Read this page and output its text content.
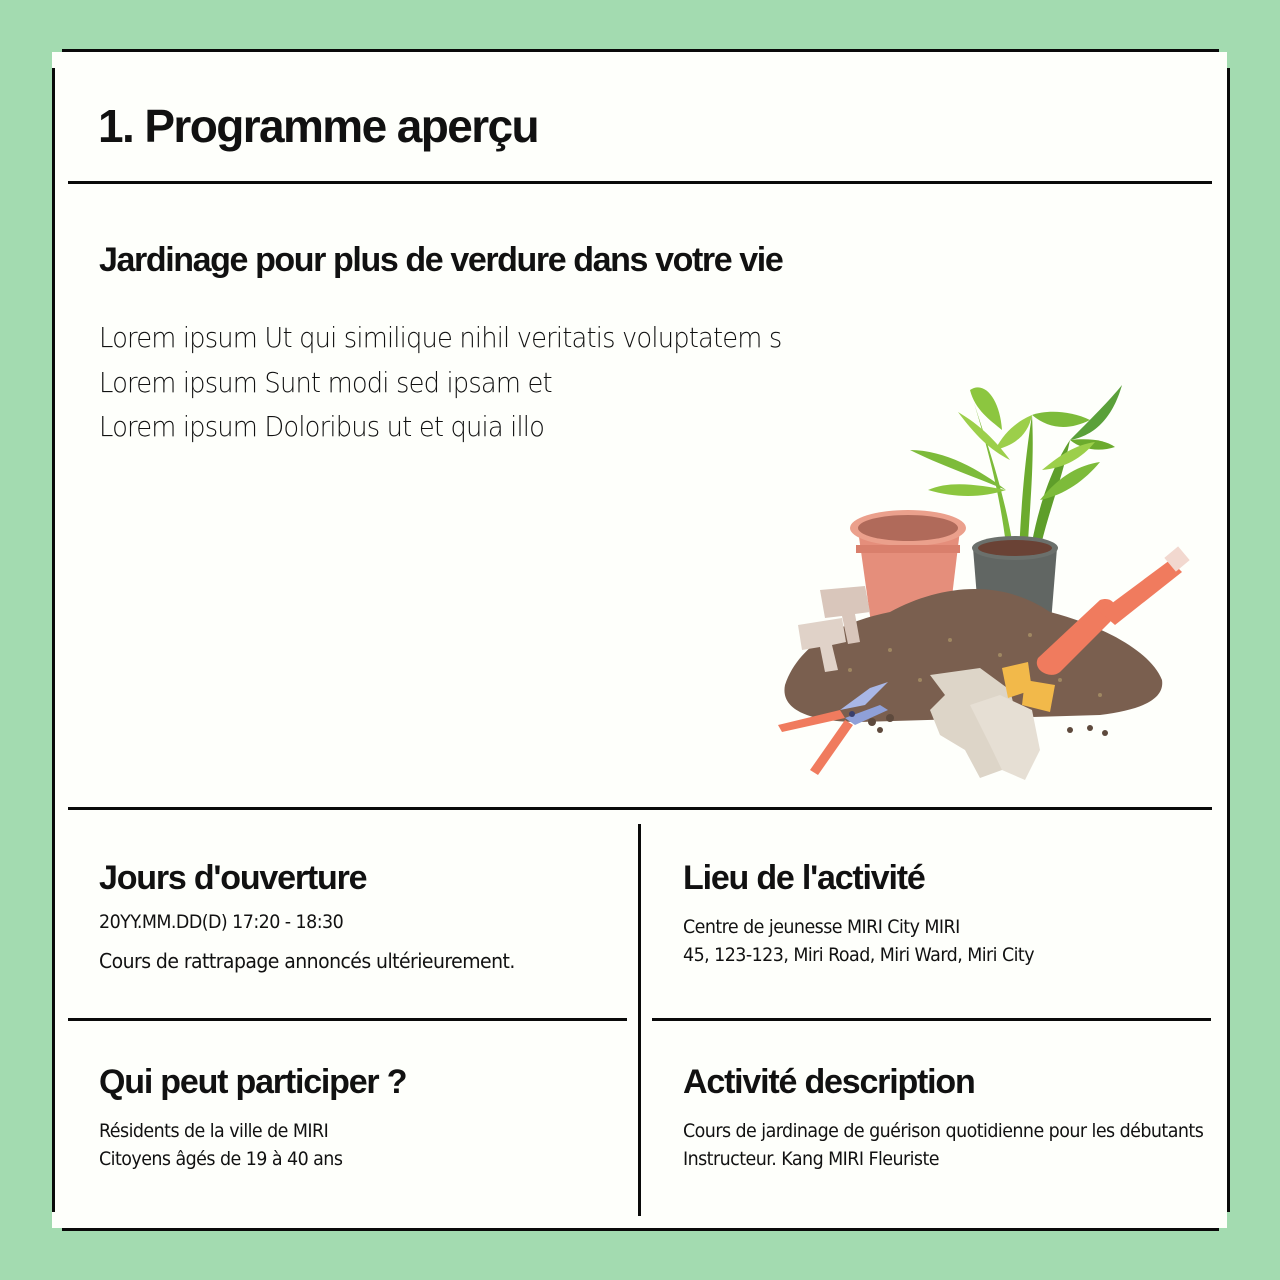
1. Programme aperçu
Jardinage pour plus de verdure dans votre vie
Lorem ipsum Ut qui similique nihil veritatis voluptatem s
Lorem ipsum Sunt modi sed ipsam et
Lorem ipsum Doloribus ut et quia illo
Jours d'ouverture
20YY.MM.DD(D) 17:20 - 18:30
Cours de rattrapage annoncés ultérieurement.
Lieu de l'activité
Centre de jeunesse MIRI City MIRI
45, 123-123, Miri Road, Miri Ward, Miri City
Qui peut participer ?
Résidents de la ville de MIRI
Citoyens âgés de 19 à 40 ans
Activité description
Cours de jardinage de guérison quotidienne pour les débutants
Instructeur. Kang MIRI Fleuriste
